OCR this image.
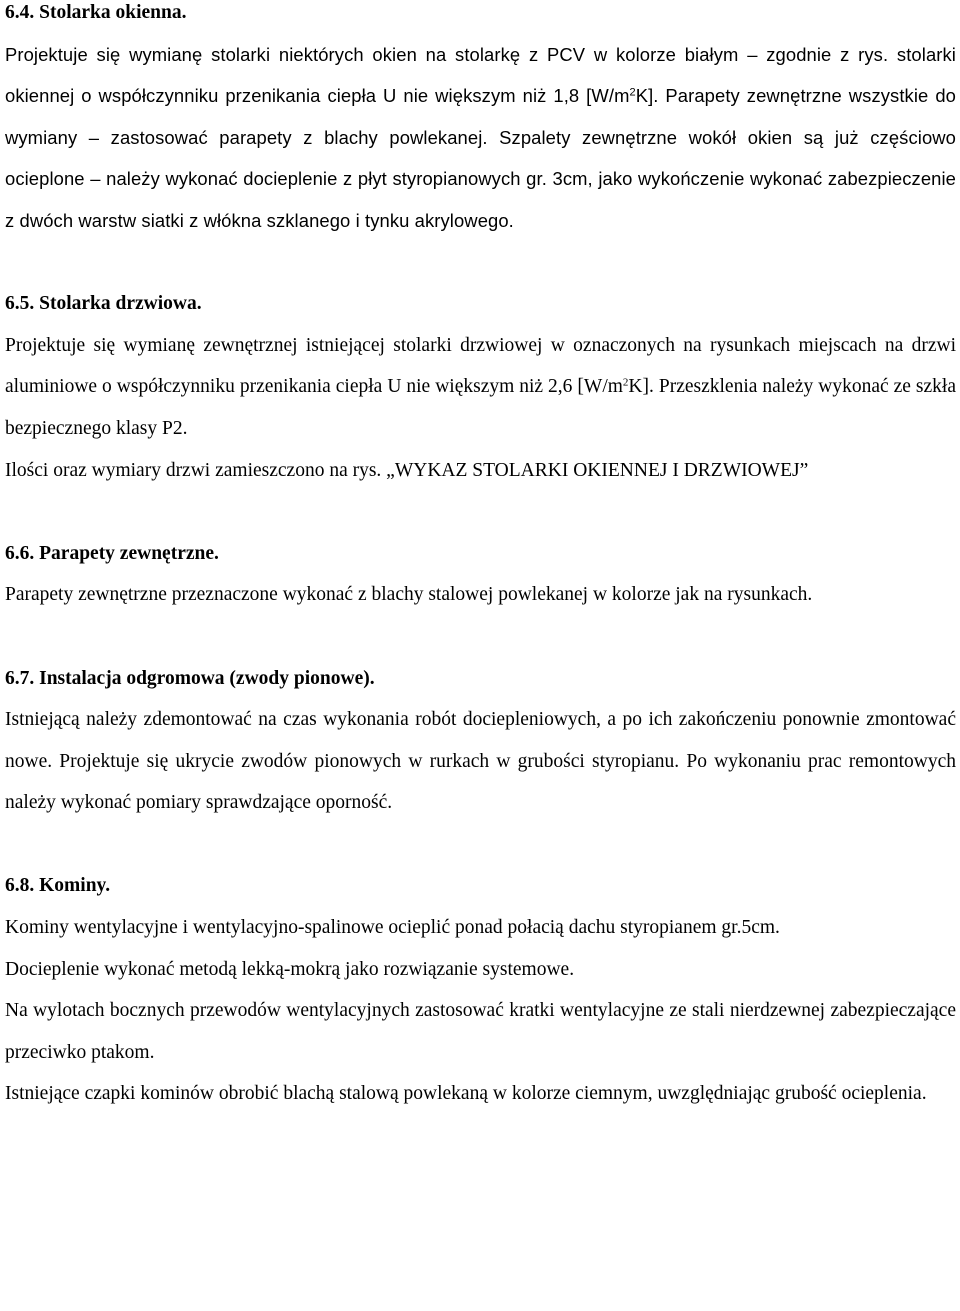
6.4. Stolarka okienna.

Projektuje się wymianę stolarki niektórych okien na stolarkę z PCV w kolorze białym – zgodnie z rys. stolarki okiennej o współczynniku przenikania ciepła U nie większym niż 1,8 $[W/m^2K]$. Parapety zewnętrzne wszystkie do wymiany – zastosować parapety z blachy powlekanej. Szpalety zewnętrzne wokół okien są już częściowo ocieplone – należy wykonać docieplenie z płyt styropianowych gr. 3cm, jako wykończenie wykonać zabezpieczenie z dwóch warstw siatki z włókna szklanego i tynku akrylowego.

6.5. Stolarka drzwiowa.

Projektuje się wymianę zewnętrznej istniejącej stolarki drzwiowej w oznaczonych na rysunkach miejscach na drzwi aluminiowe o współczynniku przenikania ciepła U nie większym niż 2,6 $[W/m^2K]$. Przeszklenia należy wykonać ze szkła bezpiecznego klasy P2.

Ilości oraz wymiary drzwi zamieszczono na rys. „WYKAZ STOLARKI OKIENNEJ I DRZWIOWEJ”

6.6. Parapety zewnętrzne.

Parapety zewnętrzne przeznaczone wykonać z blachy stalowej powlekanej w kolorze jak na rysunkach.

6.7. Instalacja odgromowa (zwody pionowe).

Istniejącą należy zdemontować na czas wykonania robót dociepleniowych, a po ich zakończeniu ponownie zmontować nowe. Projektuje się ukrycie zwodów pionowych w rurkach w grubości styropianu. Po wykonaniu prac remontowych należy wykonać pomiary sprawdzające oporność.

6.8. Kominy.

Kominy wentylacyjne i wentylacyjno-spalinowe ocieplić ponad połacią dachu styropianem gr.5cm.

Docieplenie wykonać metodą lekką-mokrą jako rozwiązanie systemowe.

Na wylotach bocznych przewodów wentylacyjnych zastosować kratki wentylacyjne ze stali nierdzewnej zabezpieczające przeciwko ptakom.

Istniejące czapki kominów obrobić blachą stalową powlekaną w kolorze ciemnym, uwzględniając grubość ocieplenia.
